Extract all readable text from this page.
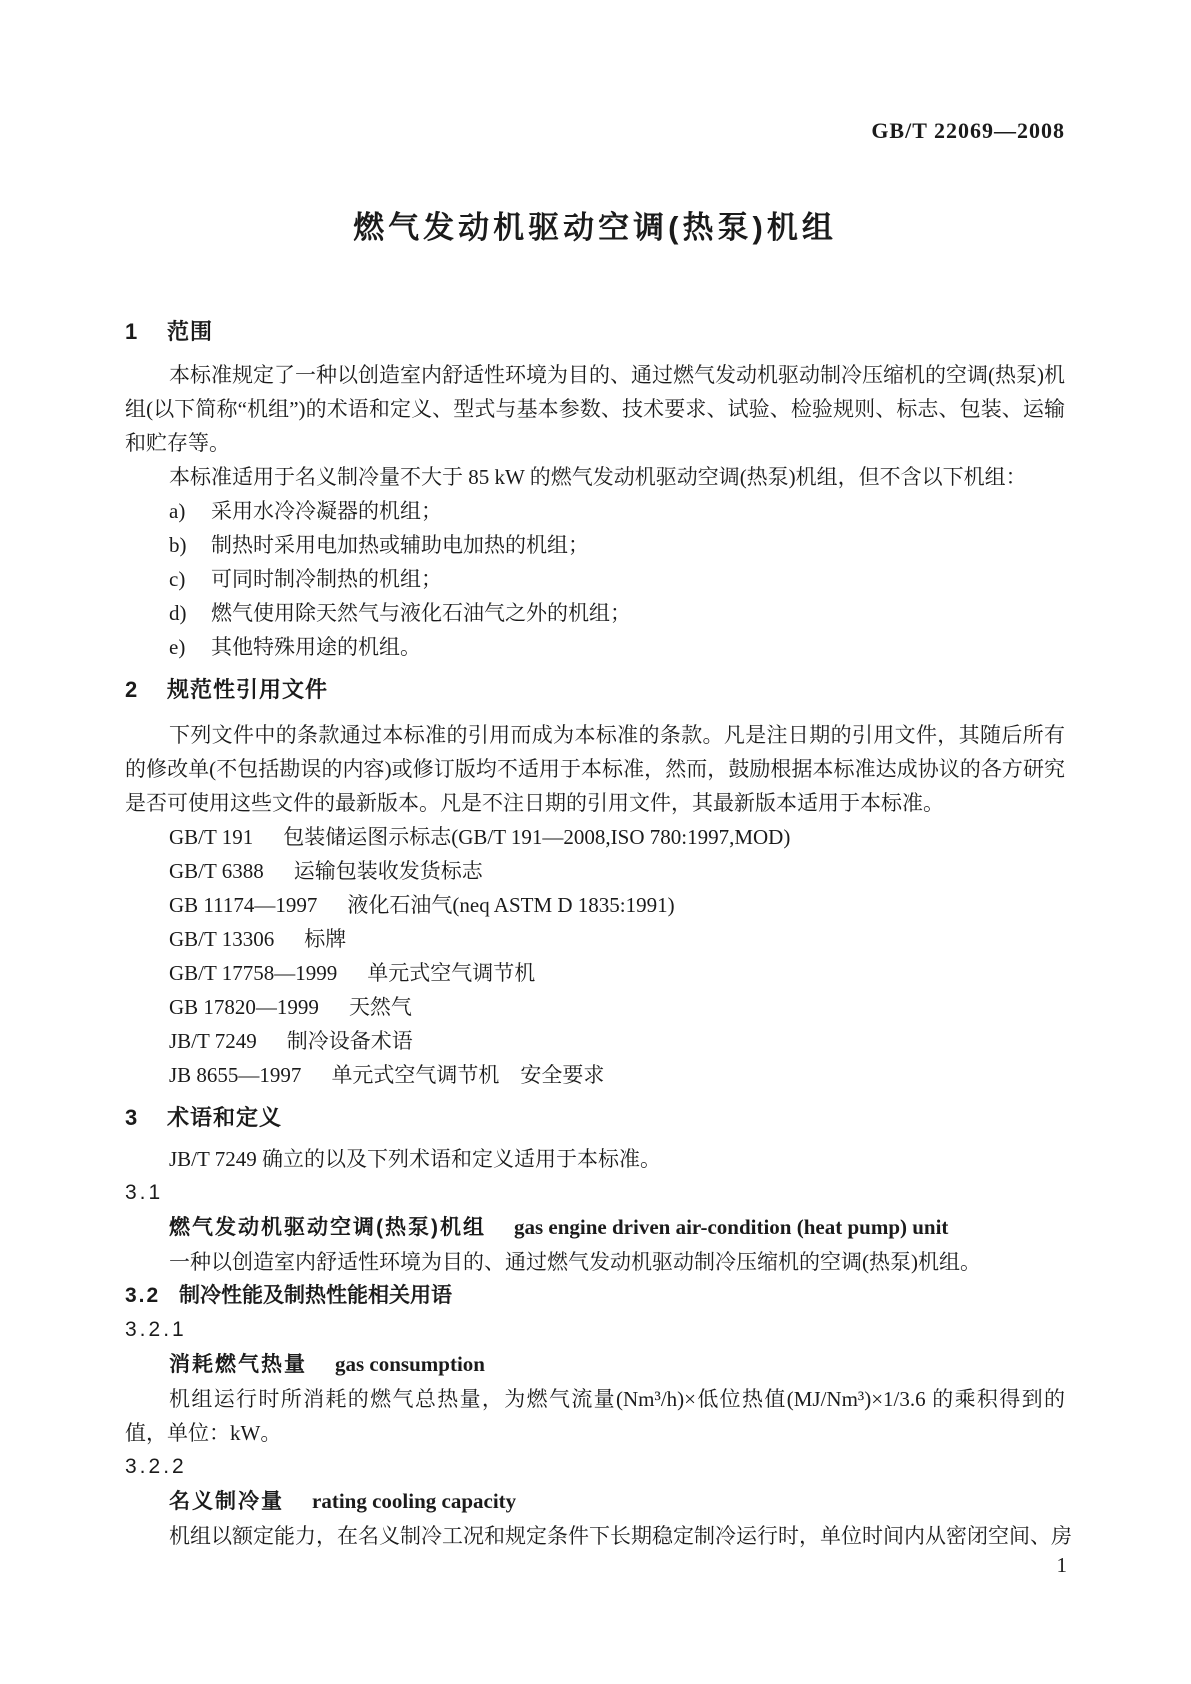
GB/T 22069—2008
燃气发动机驱动空调(热泵)机组
1 范围

本标准规定了一种以创造室内舒适性环境为目的、通过燃气发动机驱动制冷压缩机的空调(热泵)机组(以下简称“机组”)的术语和定义、型式与基本参数、技术要求、试验、检验规则、标志、包装、运输和贮存等。

本标准适用于名义制冷量不大于 85 kW 的燃气发动机驱动空调(热泵)机组，但不含以下机组：

a) 采用水冷冷凝器的机组；
b) 制热时采用电加热或辅助电加热的机组；
c) 可同时制冷制热的机组；
d) 燃气使用除天然气与液化石油气之外的机组；
e) 其他特殊用途的机组。
2 规范性引用文件

下列文件中的条款通过本标准的引用而成为本标准的条款。凡是注日期的引用文件，其随后所有的修改单(不包括勘误的内容)或修订版均不适用于本标准，然而，鼓励根据本标准达成协议的各方研究是否可使用这些文件的最新版本。凡是不注日期的引用文件，其最新版本适用于本标准。

GB/T 191 包装储运图示标志(GB/T 191—2008,ISO 780:1997,MOD)
GB/T 6388 运输包装收发货标志
GB 11174—1997 液化石油气(neq ASTM D 1835:1991)
GB/T 13306 标牌
GB/T 17758—1999 单元式空气调节机
GB 17820—1999 天然气
JB/T 7249 制冷设备术语
JB 8655—1997 单元式空气调节机　安全要求
3 术语和定义

JB/T 7249 确立的以及下列术语和定义适用于本标准。

3.1

燃气发动机驱动空调(热泵)机组 gas engine driven air-condition (heat pump) unit

一种以创造室内舒适性环境为目的、通过燃气发动机驱动制冷压缩机的空调(热泵)机组。

3.2 制冷性能及制热性能相关用语
3.2.1

消耗燃气热量 gas consumption

机组运行时所消耗的燃气总热量，为燃气流量(Nm³/h)×低位热值(MJ/Nm³)×1/3.6 的乘积得到的值，单位：kW。

3.2.2

名义制冷量 rating cooling capacity

机组以额定能力，在名义制冷工况和规定条件下长期稳定制冷运行时，单位时间内从密闭空间、房

1
